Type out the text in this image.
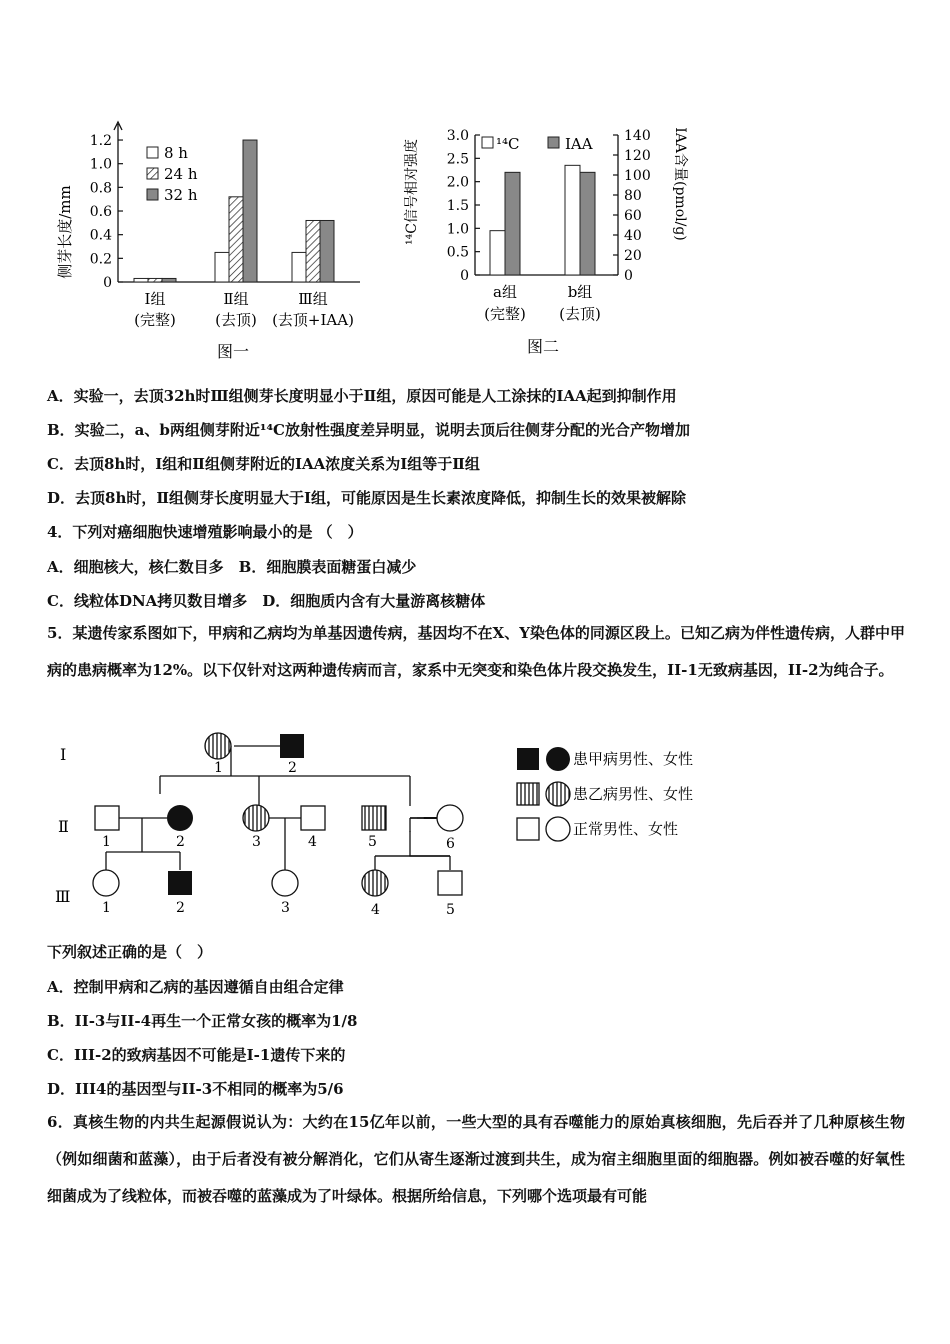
0
0.2
0.4
0.6
0.8
1.0
1.2
Ⅰ组
(完整)
Ⅱ组
(去顶)
Ⅲ组
(去顶+IAA)
侧芽长度/mm
8 h
24 h
32 h
图一
0
0.5
1.0
1.5
2.0
2.5
3.0
0
20
40
60
80
100
120
140
a组
(完整)
b组
(去顶)
¹⁴C信号相对强度	IAA含量(pmol/g)
¹⁴C	IAA
图二
A．实验一，去顶32h时Ⅲ组侧芽长度明显小于Ⅱ组，原因可能是人工涂抹的IAA起到抑制作用
B．实验二，a、b两组侧芽附近¹⁴C放射性强度差异明显，说明去顶后往侧芽分配的光合产物增加
C．去顶8h时，Ⅰ组和Ⅱ组侧芽附近的IAA浓度关系为Ⅰ组等于Ⅱ组
D．去顶8h时，Ⅱ组侧芽长度明显大于Ⅰ组，可能原因是生长素浓度降低，抑制生长的效果被解除
4．下列对癌细胞快速增殖影响最小的是 （　）
A．细胞核大，核仁数目多　B．细胞膜表面糖蛋白减少
C．线粒体DNA拷贝数目增多　D．细胞质内含有大量游离核糖体
5．某遗传家系图如下，甲病和乙病均为单基因遗传病，基因均不在X、Y染色体的同源区段上。已知乙病为伴性遗传病，人群中甲病的患病概率为12%。以下仅针对这两种遗传病而言，家系中无突变和染色体片段交换发生，II-1无致病基因，II-2为纯合子。
Ⅰ
Ⅱ
Ⅲ
1	2
1	2	3	4	5	6
1	2	3	4	5
患甲病男性、女性
患乙病男性、女性
正常男性、女性
下列叙述正确的是（　）
A．控制甲病和乙病的基因遵循自由组合定律
B．II-3与II-4再生一个正常女孩的概率为1/8
C．III-2的致病基因不可能是I-1遗传下来的
D．III4的基因型与II-3不相同的概率为5/6
6．真核生物的内共生起源假说认为：大约在15亿年以前，一些大型的具有吞噬能力的原始真核细胞，先后吞并了几种原核生物（例如细菌和蓝藻），由于后者没有被分解消化，它们从寄生逐渐过渡到共生，成为宿主细胞里面的细胞器。例如被吞噬的好氧性细菌成为了线粒体，而被吞噬的蓝藻成为了叶绿体。根据所给信息，下列哪个选项最有可能
